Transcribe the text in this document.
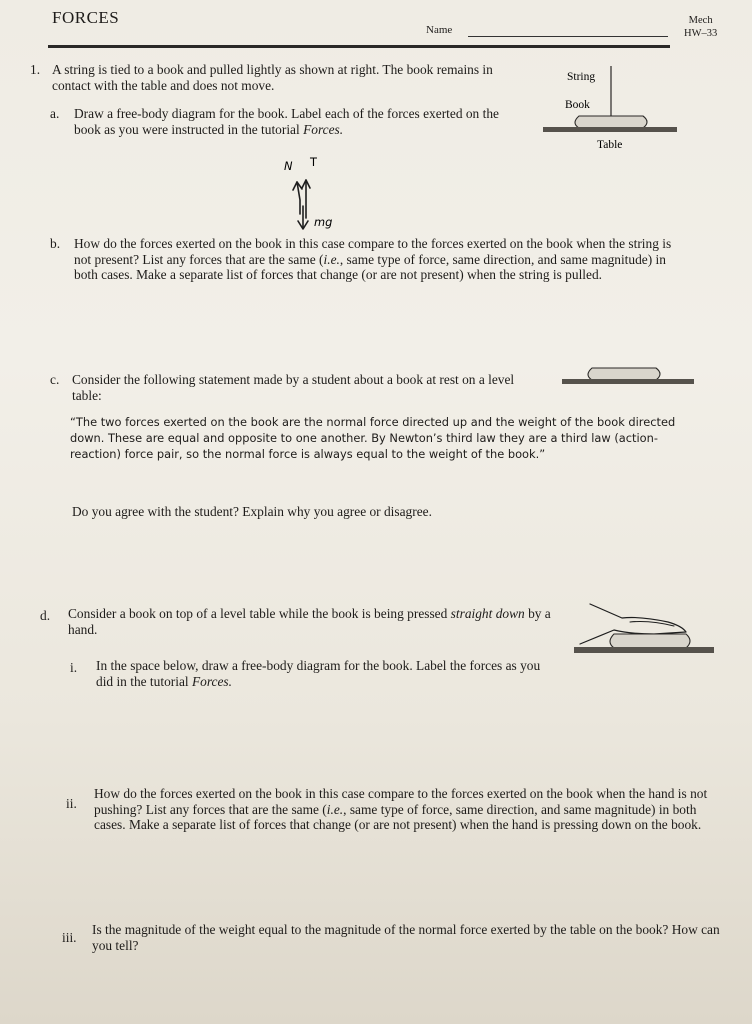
FORCES
Name
Mech
HW–33
1. A string is tied to a book and pulled lightly as shown at right. The book remains in contact with the table and does not move.
String
Book
Table
a. Draw a free-body diagram for the book. Label each of the forces exerted on the book as you were instructed in the tutorial Forces.
N T
mg
b. How do the forces exerted on the book in this case compare to the forces exerted on the book when the string is not present? List any forces that are the same (i.e., same type of force, same direction, and same magnitude) in both cases. Make a separate list of forces that change (or are not present) when the string is pulled.
c. Consider the following statement made by a student about a book at rest on a level table:
“The two forces exerted on the book are the normal force directed up and the weight of the book directed down. These are equal and opposite to one another. By Newton’s third law they are a third law (action-reaction) force pair, so the normal force is always equal to the weight of the book.”
Do you agree with the student? Explain why you agree or disagree.
d. Consider a book on top of a level table while the book is being pressed straight down by a hand.
i. In the space below, draw a free-body diagram for the book. Label the forces as you did in the tutorial Forces.
ii.
How do the forces exerted on the book in this case compare to the forces exerted on the book when the hand is not pushing? List any forces that are the same (i.e., same type of force, same direction, and same magnitude) in both cases. Make a separate list of forces that change (or are not present) when the hand is pressing down on the book.
iii.
Is the magnitude of the weight equal to the magnitude of the normal force exerted by the table on the book? How can you tell?
